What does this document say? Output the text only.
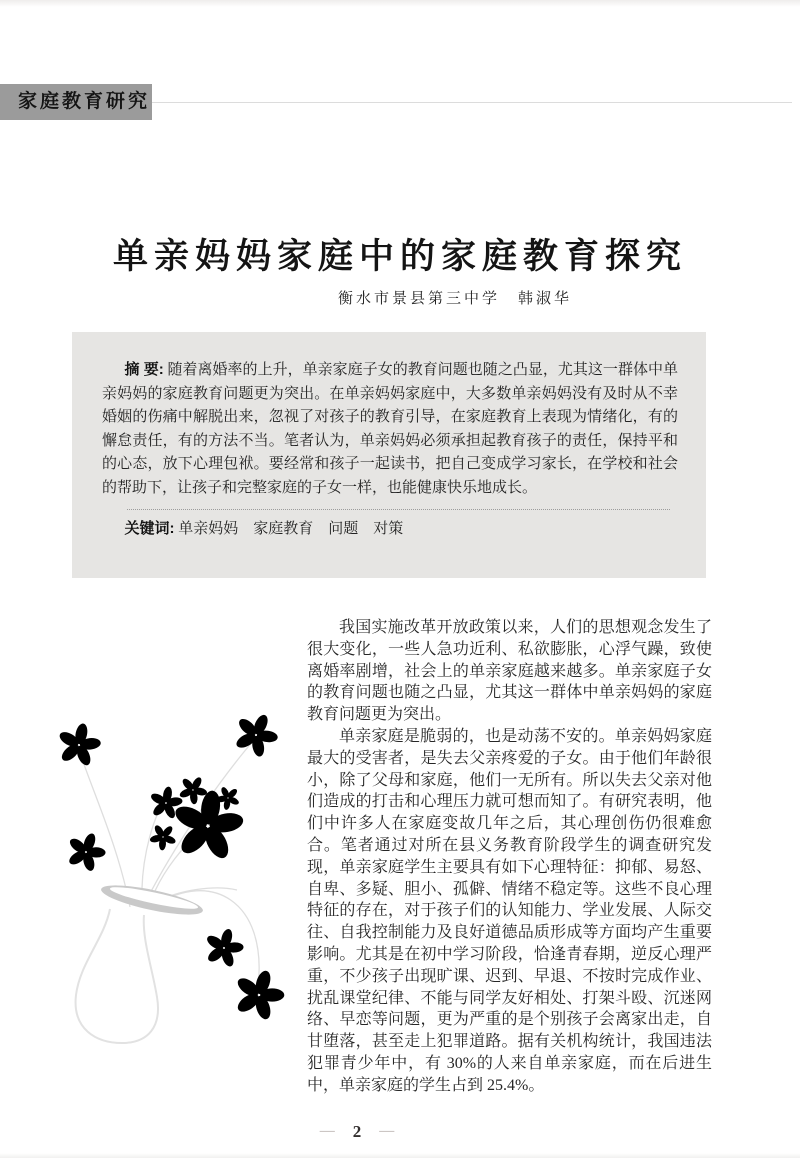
家庭教育研究
单亲妈妈家庭中的家庭教育探究
衡水市景县第三中学　韩淑华

摘 要: 随着离婚率的上升，单亲家庭子女的教育问题也随之凸显，尤其这一群体中单亲妈妈的家庭教育问题更为突出。在单亲妈妈家庭中，大多数单亲妈妈没有及时从不幸婚姻的伤痛中解脱出来，忽视了对孩子的教育引导，在家庭教育上表现为情绪化，有的懈怠责任，有的方法不当。笔者认为，单亲妈妈必须承担起教育孩子的责任，保持平和的心态，放下心理包袱。要经常和孩子一起读书，把自己变成学习家长，在学校和社会的帮助下，让孩子和完整家庭的子女一样，也能健康快乐地成长。

关键词: 单亲妈妈　家庭教育　问题　对策

我国实施改革开放政策以来，人们的思想观念发生了很大变化，一些人急功近利、私欲膨胀，心浮气躁，致使离婚率剧增，社会上的单亲家庭越来越多。单亲家庭子女的教育问题也随之凸显，尤其这一群体中单亲妈妈的家庭教育问题更为突出。

单亲家庭是脆弱的，也是动荡不安的。单亲妈妈家庭最大的受害者，是失去父亲疼爱的子女。由于他们年龄很小，除了父母和家庭，他们一无所有。所以失去父亲对他们造成的打击和心理压力就可想而知了。有研究表明，他们中许多人在家庭变故几年之后，其心理创伤仍很难愈合。笔者通过对所在县义务教育阶段学生的调查研究发现，单亲家庭学生主要具有如下心理特征：抑郁、易怒、自卑、多疑、胆小、孤僻、情绪不稳定等。这些不良心理特征的存在，对于孩子们的认知能力、学业发展、人际交往、自我控制能力及良好道德品质形成等方面均产生重要影响。尤其是在初中学习阶段，恰逢青春期，逆反心理严重，不少孩子出现旷课、迟到、早退、不按时完成作业、扰乱课堂纪律、不能与同学友好相处、打架斗殴、沉迷网络、早恋等问题，更为严重的是个别孩子会离家出走，自甘堕落，甚至走上犯罪道路。据有关机构统计，我国违法犯罪青少年中，有 30%的人来自单亲家庭，而在后进生中，单亲家庭的学生占到 25.4%。

— 2 —
